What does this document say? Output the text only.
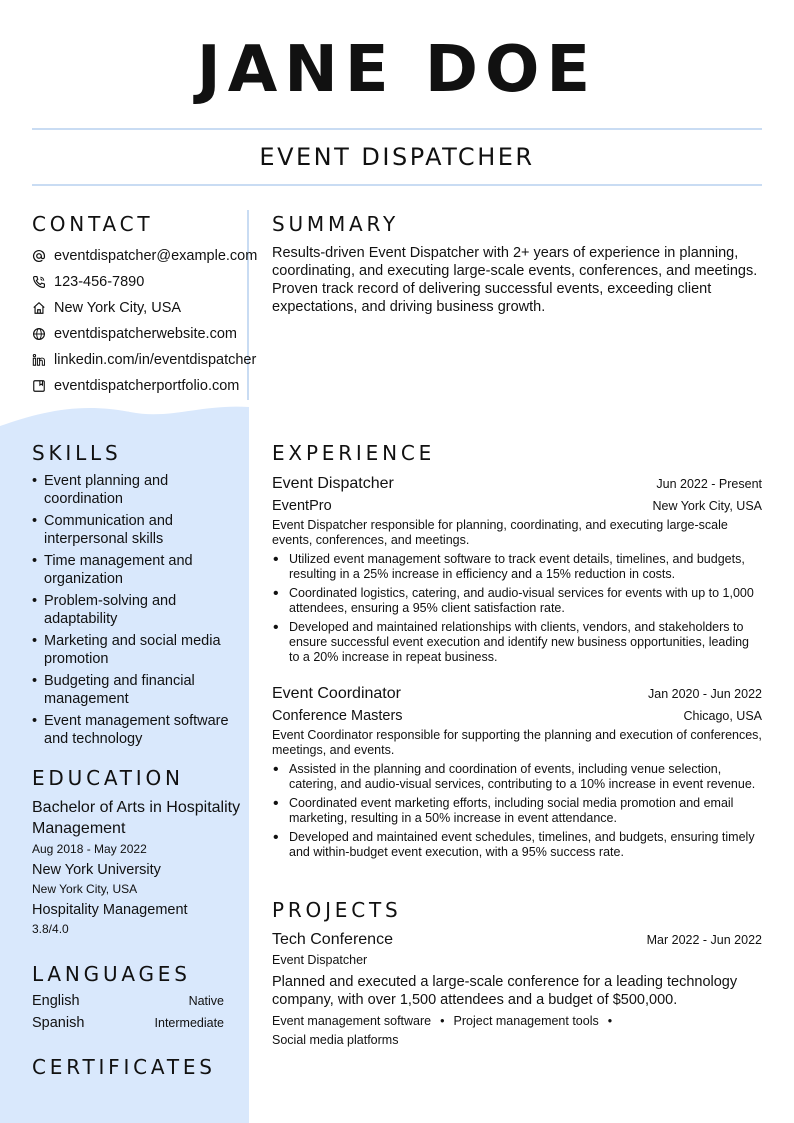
JANE DOE
EVENT DISPATCHER
CONTACT
eventdispatcher@example.com
123-456-7890
New York City, USA
eventdispatcherwebsite.com
linkedin.com/in/eventdispatcher
eventdispatcherportfolio.com
SKILLS
• Event planning and coordination
• Communication and interpersonal skills
• Time management and organization
• Problem-solving and adaptability
• Marketing and social media promotion
• Budgeting and financial management
• Event management software and technology
EDUCATION
Bachelor of Arts in Hospitality Management
Aug 2018 - May 2022
New York University
New York City, USA
Hospitality Management
3.8/4.0
LANGUAGES
English	Native
Spanish	Intermediate
CERTIFICATES
SUMMARY
Results-driven Event Dispatcher with 2+ years of experience in planning, coordinating, and executing large-scale events, conferences, and meetings. Proven track record of delivering successful events, exceeding client expectations, and driving business growth.
EXPERIENCE
Event Dispatcher	Jun 2022 - Present
EventPro	New York City, USA
Event Dispatcher responsible for planning, coordinating, and executing large-scale events, conferences, and meetings.
• Utilized event management software to track event details, timelines, and budgets, resulting in a 25% increase in efficiency and a 15% reduction in costs.
• Coordinated logistics, catering, and audio-visual services for events with up to 1,000 attendees, ensuring a 95% client satisfaction rate.
• Developed and maintained relationships with clients, vendors, and stakeholders to ensure successful event execution and identify new business opportunities, leading to a 20% increase in repeat business.
Event Coordinator	Jan 2020 - Jun 2022
Conference Masters	Chicago, USA
Event Coordinator responsible for supporting the planning and execution of conferences, meetings, and events.
• Assisted in the planning and coordination of events, including venue selection, catering, and audio-visual services, contributing to a 10% increase in event revenue.
• Coordinated event marketing efforts, including social media promotion and email marketing, resulting in a 50% increase in event attendance.
• Developed and maintained event schedules, timelines, and budgets, ensuring timely and within-budget event execution, with a 95% success rate.
PROJECTS
Tech Conference	Mar 2022 - Jun 2022
Event Dispatcher
Planned and executed a large-scale conference for a leading technology company, with over 1,500 attendees and a budget of $500,000.
Event management software • Project management tools •
Social media platforms
